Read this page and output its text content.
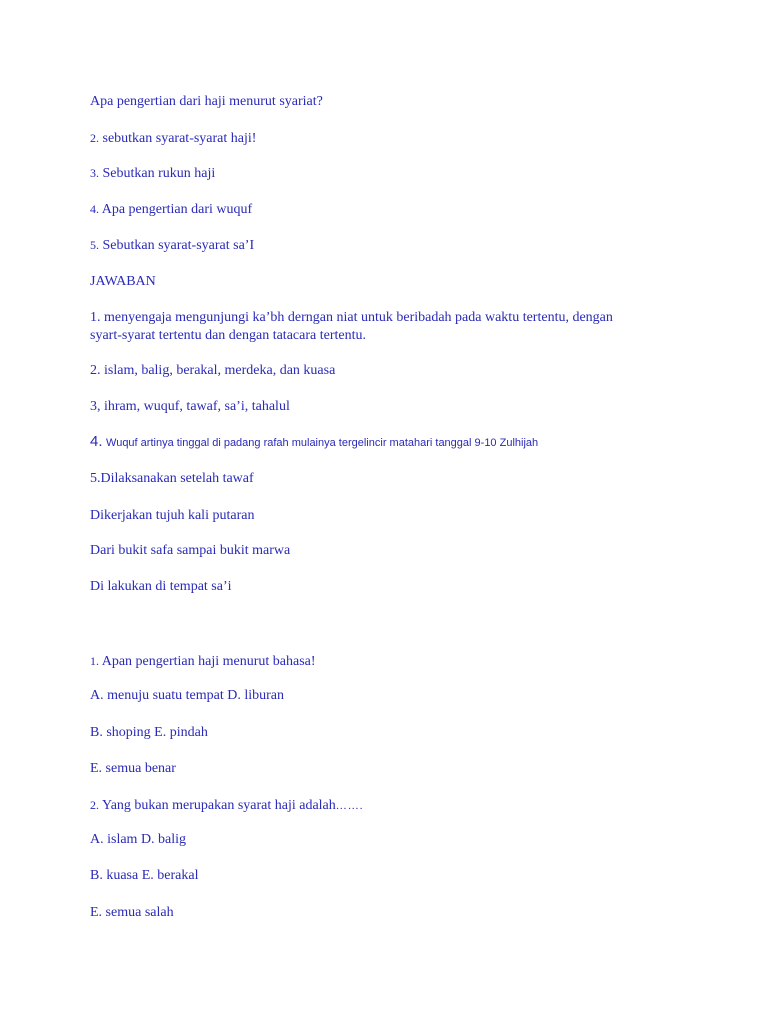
Apa pengertian dari haji menurut syariat?

2. sebutkan syarat-syarat haji!

3. Sebutkan rukun haji

4. Apa pengertian dari wuquf

5. Sebutkan syarat-syarat sa’I

JAWABAN

1. menyengaja mengunjungi ka’bh derngan niat untuk beribadah pada waktu tertentu, dengan

syart-syarat tertentu dan dengan tatacara tertentu.

2. islam, balig, berakal, merdeka, dan kuasa

3, ihram, wuquf, tawaf, sa’i, tahalul

4. Wuquf artinya tinggal di padang rafah mulainya tergelincir matahari tanggal 9-10 Zulhijah

5.Dilaksanakan setelah tawaf

Dikerjakan tujuh kali putaran

Dari bukit safa sampai bukit marwa

Di lakukan di tempat sa’i

1. Apan pengertian haji menurut bahasa!

A. menuju suatu tempat D. liburan

B. shoping E. pindah

E. semua benar

2. Yang bukan merupakan syarat haji adalah…….

A. islam D. balig

B. kuasa E. berakal

E. semua salah
